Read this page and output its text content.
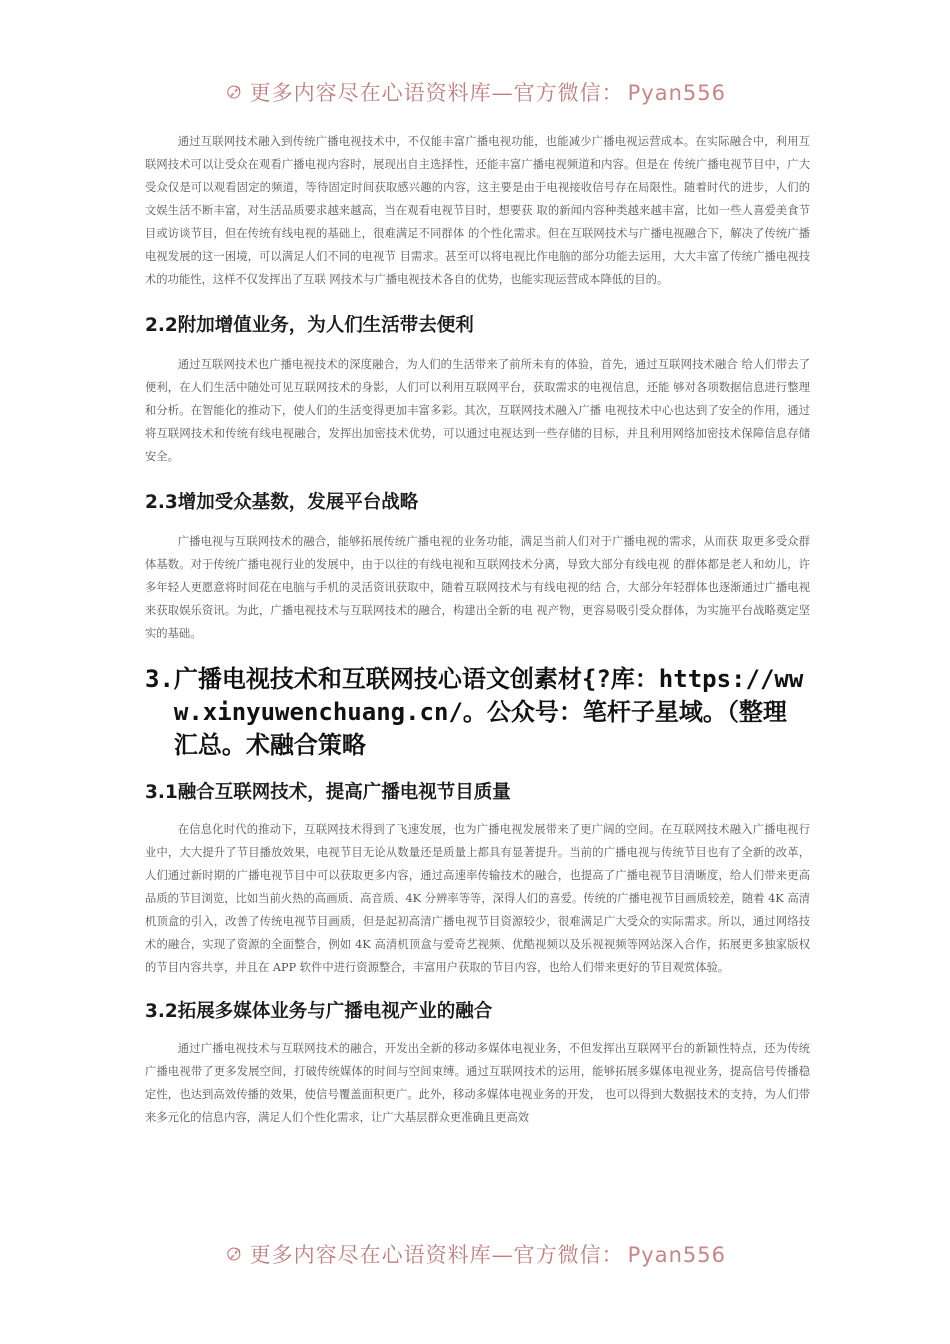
更多内容尽在心语资料库—官方微信： Pyan556

通过互联网技术融入到传统广播电视技术中，不仅能丰富广播电视功能，也能减少广播电视运营成本。在实际融合中，利用互联网技术可以让受众在观看广播电视内容时，展现出自主选择性，还能丰富广播电视频道和内容。但是在 传统广播电视节目中，广大受众仅是可以观看固定的频道，等待固定时间获取感兴趣的内容，这主要是由于电视接收信号存在局限性。随着时代的进步，人们的文娱生活不断丰富，对生活品质要求越来越高，当在观看电视节目时，想要获 取的新闻内容种类越来越丰富，比如一些人喜爱美食节目或访谈节目，但在传统有线电视的基础上，很难满足不同群体 的个性化需求。但在互联网技术与广播电视融合下，解决了传统广播电视发展的这一困境，可以满足人们不同的电视节 目需求。甚至可以将电视比作电脑的部分功能去运用，大大丰富了传统广播电视技术的功能性，这样不仅发挥出了互联 网技术与广播电视技术各自的优势，也能实现运营成本降低的目的。

2.2附加增值业务，为人们生活带去便利

通过互联网技术也广播电视技术的深度融合，为人们的生活带来了前所未有的体验，首先，通过互联网技术融合 给人们带去了便利，在人们生活中随处可见互联网技术的身影，人们可以利用互联网平台，获取需求的电视信息，还能 够对各项数据信息进行整理和分析。在智能化的推动下，使人们的生活变得更加丰富多彩。其次，互联网技术融入广播 电视技术中心也达到了安全的作用，通过将互联网技术和传统有线电视融合，发挥出加密技术优势，可以通过电视达到一些存储的目标，并且利用网络加密技术保障信息存储安全。

2.3增加受众基数，发展平台战略

广播电视与互联网技术的融合，能够拓展传统广播电视的业务功能，满足当前人们对于广播电视的需求，从而获 取更多受众群体基数。对于传统广播电视行业的发展中，由于以往的有线电视和互联网技术分离，导致大部分有线电视 的群体都是老人和幼儿，许多年轻人更愿意将时间花在电脑与手机的灵活资讯获取中，随着互联网技术与有线电视的结 合，大部分年轻群体也逐渐通过广播电视来获取娱乐资讯。为此，广播电视技术与互联网技术的融合，构建出全新的电 视产物，更容易吸引受众群体，为实施平台战略奠定坚实的基础。

3. 广播电视技术和互联网技心语文创素材{?库：https://www.xinyuwenchuang.cn/。公众号：笔杆子星域。（整理汇总。术融合策略
3.1融合互联网技术，提高广播电视节目质量

在信息化时代的推动下，互联网技术得到了飞速发展，也为广播电视发展带来了更广阔的空间。在互联网技术融入广播电视行业中，大大提升了节目播放效果，电视节目无论从数量还是质量上都具有显著提升。当前的广播电视与传统节目也有了全新的改革，人们通过新时期的广播电视节目中可以获取更多内容，通过高速率传输技术的融合，也提高了广播电视节目清晰度，给人们带来更高品质的节目浏览，比如当前火热的高画质、高音质、4K 分辨率等等，深得人们的喜爱。传统的广播电视节目画质较差，随着 4K 高清机顶盒的引入，改善了传统电视节目画质，但是起初高清广播电视节目资源较少，很难满足广大受众的实际需求。所以，通过网络技术的融合，实现了资源的全面整合，例如 4K 高清机顶盒与爱奇艺视频、优酷视频以及乐视视频等网站深入合作，拓展更多独家版权的节目内容共享，并且在 APP 软件中进行资源整合，丰富用户获取的节目内容，也给人们带来更好的节目观赏体验。

3.2拓展多媒体业务与广播电视产业的融合

通过广播电视技术与互联网技术的融合，开发出全新的移动多媒体电视业务，不但发挥出互联网平台的新颖性特点，还为传统广播电视带了更多发展空间，打破传统媒体的时间与空间束缚。通过互联网技术的运用，能够拓展多媒体电视业务，提高信号传播稳定性，也达到高效传播的效果，使信号覆盖面积更广。此外，移动多媒体电视业务的开发， 也可以得到大数据技术的支持，为人们带来多元化的信息内容，满足人们个性化需求，让广大基层群众更准确且更高效

更多内容尽在心语资料库—官方微信： Pyan556
